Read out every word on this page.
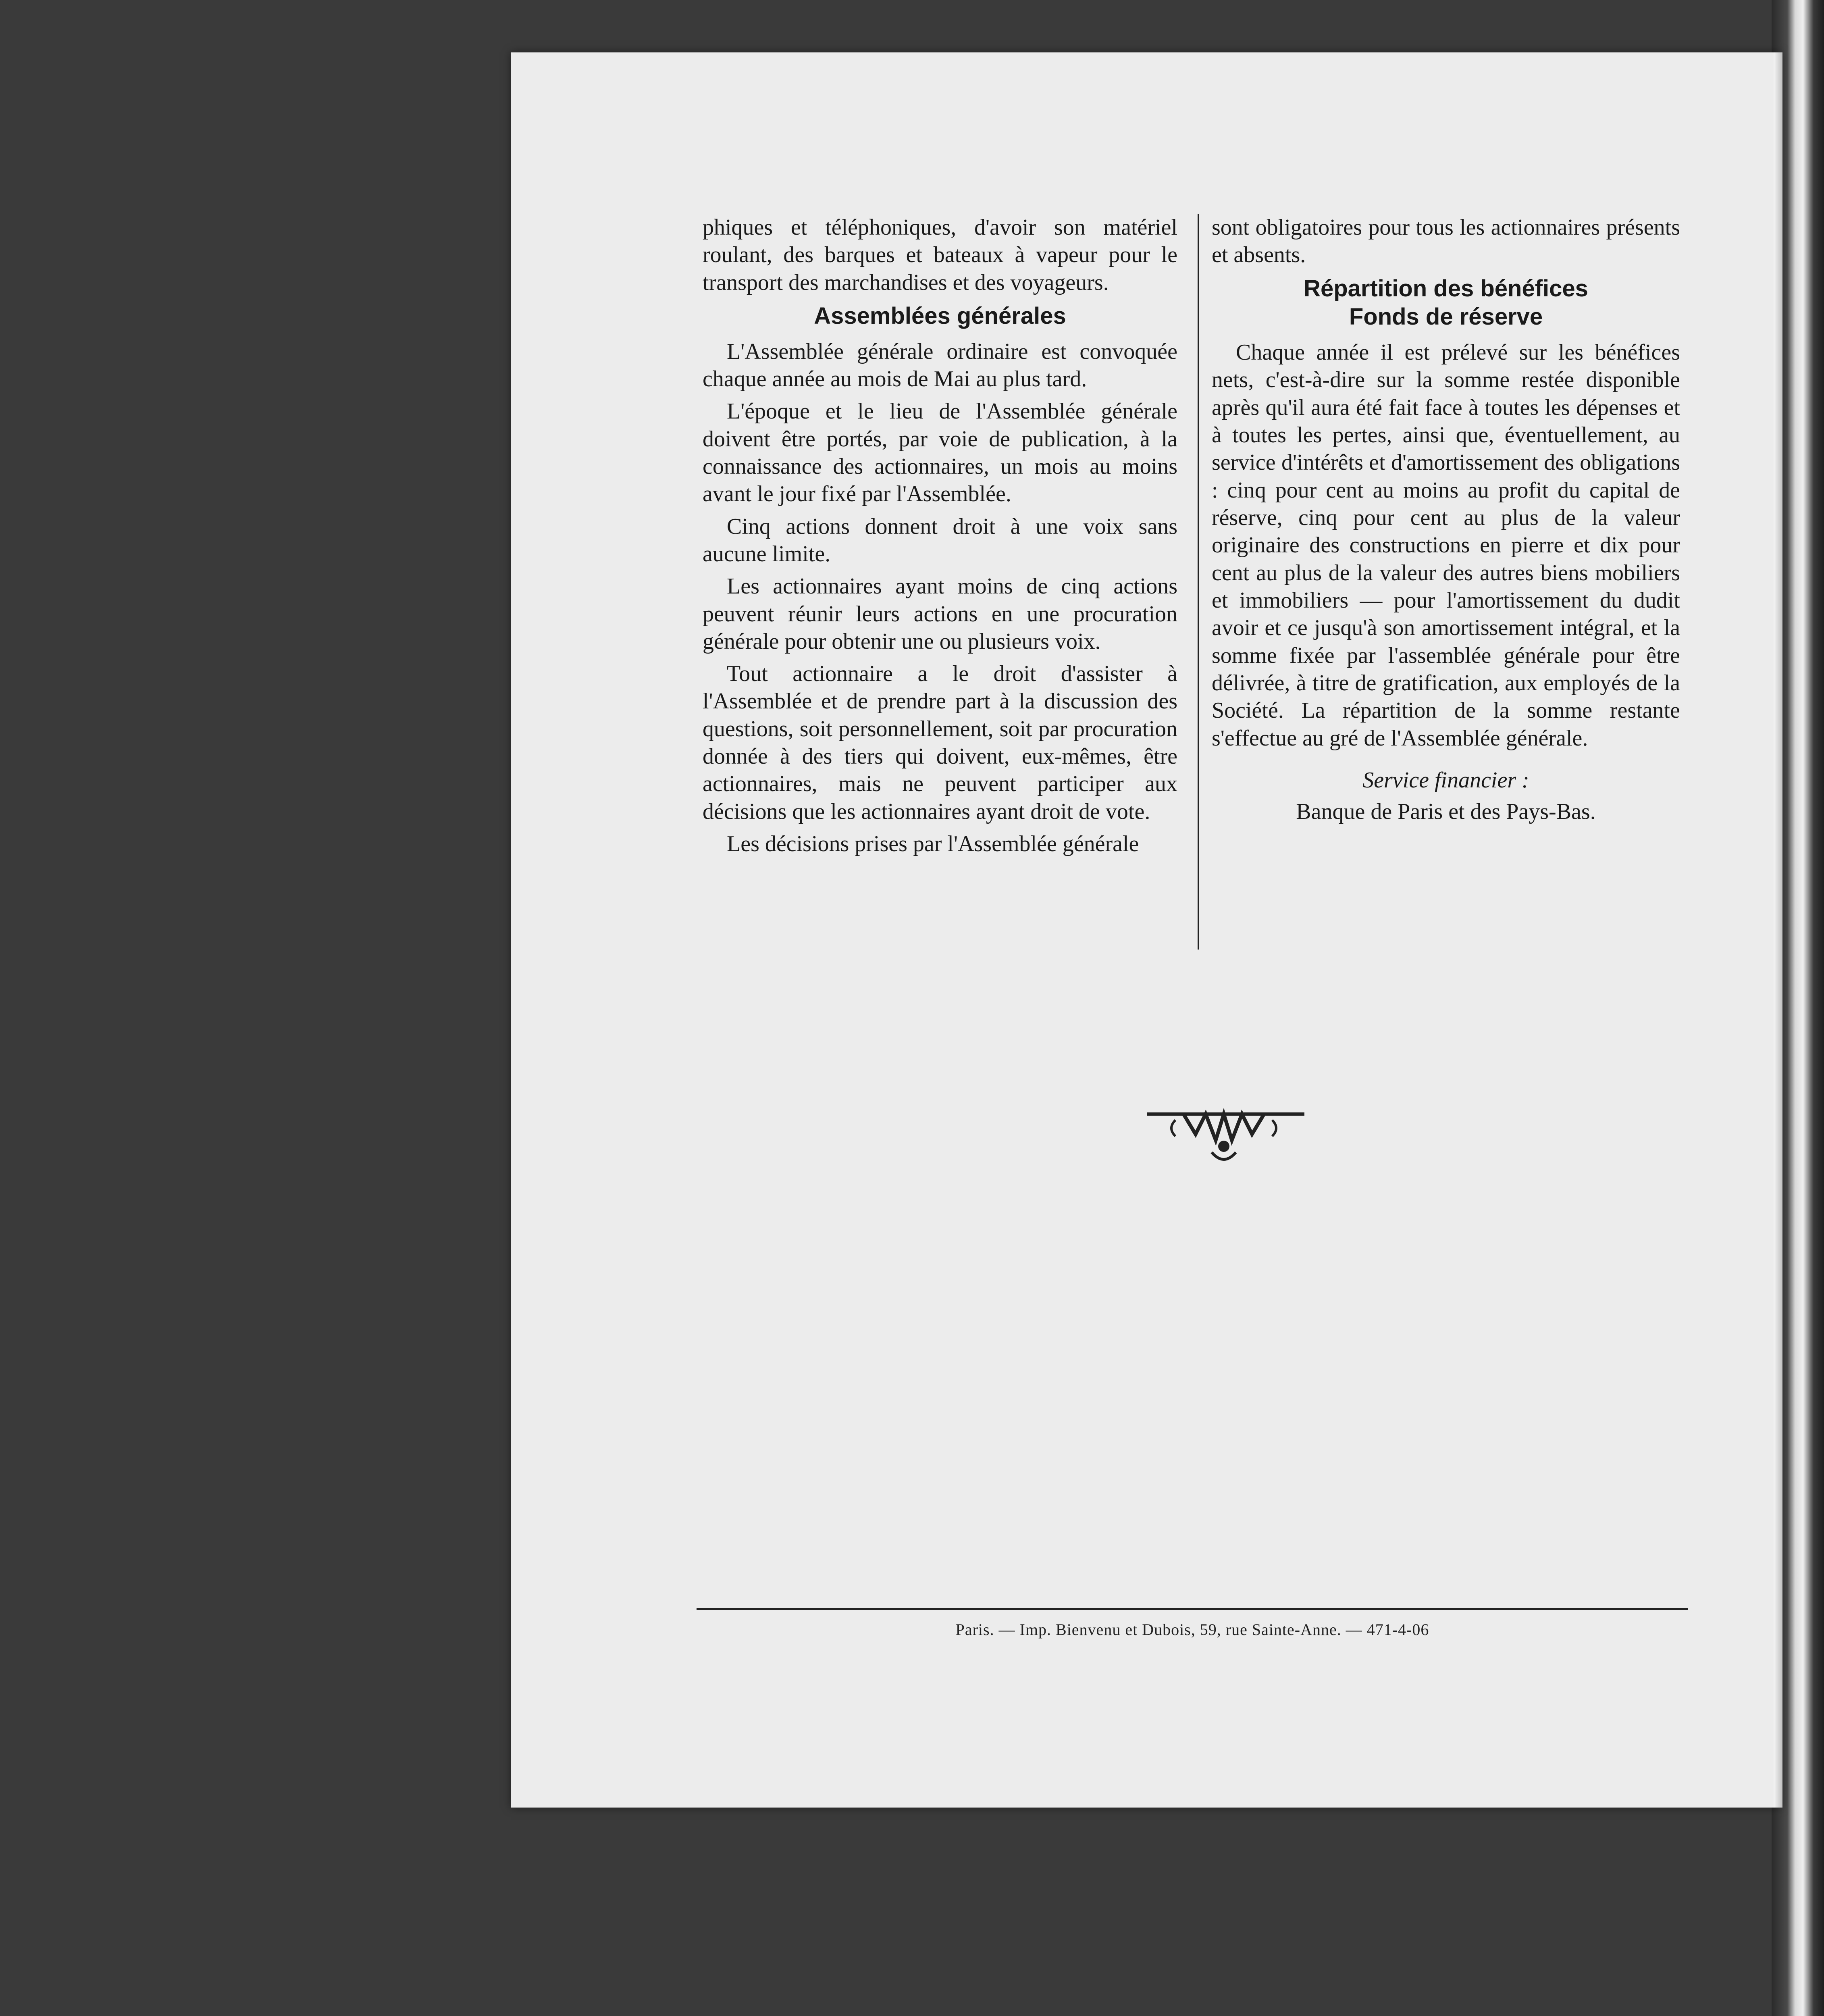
phiques et téléphoniques, d'avoir son matériel roulant, des barques et bateaux à vapeur pour le transport des marchandises et des voyageurs.

Assemblées générales

L'Assemblée générale ordinaire est convoquée chaque année au mois de Mai au plus tard.

L'époque et le lieu de l'Assemblée générale doivent être portés, par voie de publication, à la connaissance des actionnaires, un mois au moins avant le jour fixé par l'Assemblée.

Cinq actions donnent droit à une voix sans aucune limite.

Les actionnaires ayant moins de cinq actions peuvent réunir leurs actions en une procuration générale pour obtenir une ou plusieurs voix.

Tout actionnaire a le droit d'assister à l'Assemblée et de prendre part à la discussion des questions, soit personnellement, soit par procuration donnée à des tiers qui doivent, eux-mêmes, être actionnaires, mais ne peuvent participer aux décisions que les actionnaires ayant droit de vote.

Les décisions prises par l'Assemblée générale

sont obligatoires pour tous les actionnaires présents et absents.

Répartition des bénéfices
Fonds de réserve

Chaque année il est prélevé sur les bénéfices nets, c'est-à-dire sur la somme restée disponible après qu'il aura été fait face à toutes les dépenses et à toutes les pertes, ainsi que, éventuellement, au service d'intérêts et d'amortissement des obligations : cinq pour cent au moins au profit du capital de réserve, cinq pour cent au plus de la valeur originaire des constructions en pierre et dix pour cent au plus de la valeur des autres biens mobiliers et immobiliers — pour l'amortissement du dudit avoir et ce jusqu'à son amortissement intégral, et la somme fixée par l'assemblée générale pour être délivrée, à titre de gratification, aux employés de la Société. La répartition de la somme restante s'effectue au gré de l'Assemblée générale.

Service financier :

Banque de Paris et des Pays-Bas.

Paris. — Imp. Bienvenu et Dubois, 59, rue Sainte-Anne. — 471-4-06
